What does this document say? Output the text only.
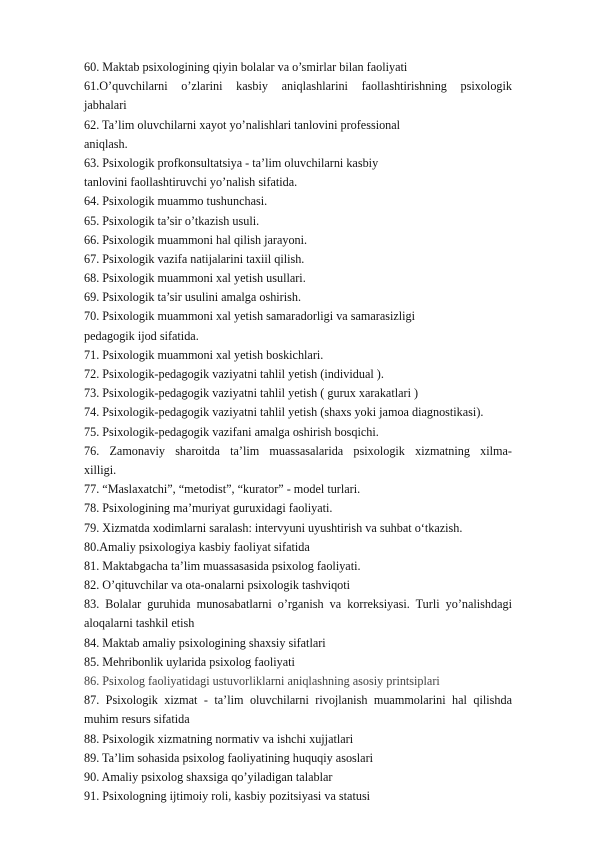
60. Maktab psixologining qiyin bolalar va o’smirlar bilan faoliyati
61.O’quvchilarni o’zlarini kasbiy aniqlashlarini faollashtirishning psixologik
jabhalari
62. Ta’lim oluvchilarni xayot yo’nalishlari tanlovini professional
aniqlash.
63. Psixologik profkonsultatsiya - ta’lim oluvchilarni kasbiy
tanlovini faollashtiruvchi yo’nalish sifatida.
64. Psixologik muammo tushunchasi.
65. Psixologik ta’sir o’tkazish usuli.
66. Psixologik muammoni hal qilish jarayoni.
67. Psixologik vazifa natijalarini taxiil qilish.
68. Psixologik muammoni xal yetish usullari.
69. Psixologik ta’sir usulini amalga oshirish.
70. Psixologik muammoni xal yetish samaradorligi va samarasizligi
pedagogik ijod sifatida.
71. Psixologik muammoni xal yetish boskichlari.
72. Psixologik-pedagogik vaziyatni tahlil yetish (individual ).
73. Psixologik-pedagogik vaziyatni tahlil yetish ( gurux xarakatlari )
74. Psixologik-pedagogik vaziyatni tahlil yetish (shaxs yoki jamoa diagnostikasi).
75. Psixologik-pedagogik vazifani amalga oshirish bosqichi.
76. Zamonaviy sharoitda ta’lim muassasalarida psixologik xizmatning xilma-
xilligi.
77. “Maslaxatchi”, “metodist”, “kurator” - model turlari.
78. Psixologining ma’muriyat guruxidagi faoliyati.
79. Xizmatda xodimlarni saralash: intervyuni uyushtirish va suhbat o‘tkazish.
80.Amaliy psixologiya kasbiy faoliyat sifatida
81. Maktabgacha ta’lim muassasasida psixolog faoliyati.
82. O’qituvchilar va ota-onalarni psixologik tashviqoti
83. Bolalar guruhida munosabatlarni o’rganish va korreksiyasi. Turli yo’nalishdagi
aloqalarni tashkil etish
84. Maktab amaliy psixologining shaxsiy sifatlari
85. Mehribonlik uylarida psixolog faoliyati
86. Psixolog faoliyatidagi ustuvorliklarni aniqlashning asosiy printsiplari
87. Psixologik xizmat - ta’lim oluvchilarni rivojlanish muammolarini hal qilishda
muhim resurs sifatida
88. Psixologik xizmatning normativ va ishchi xujjatlari
89. Ta’lim sohasida psixolog faoliyatining huquqiy asoslari
90. Amaliy psixolog shaxsiga qo’yiladigan talablar
91. Psixologning ijtimoiy roli, kasbiy pozitsiyasi va statusi
